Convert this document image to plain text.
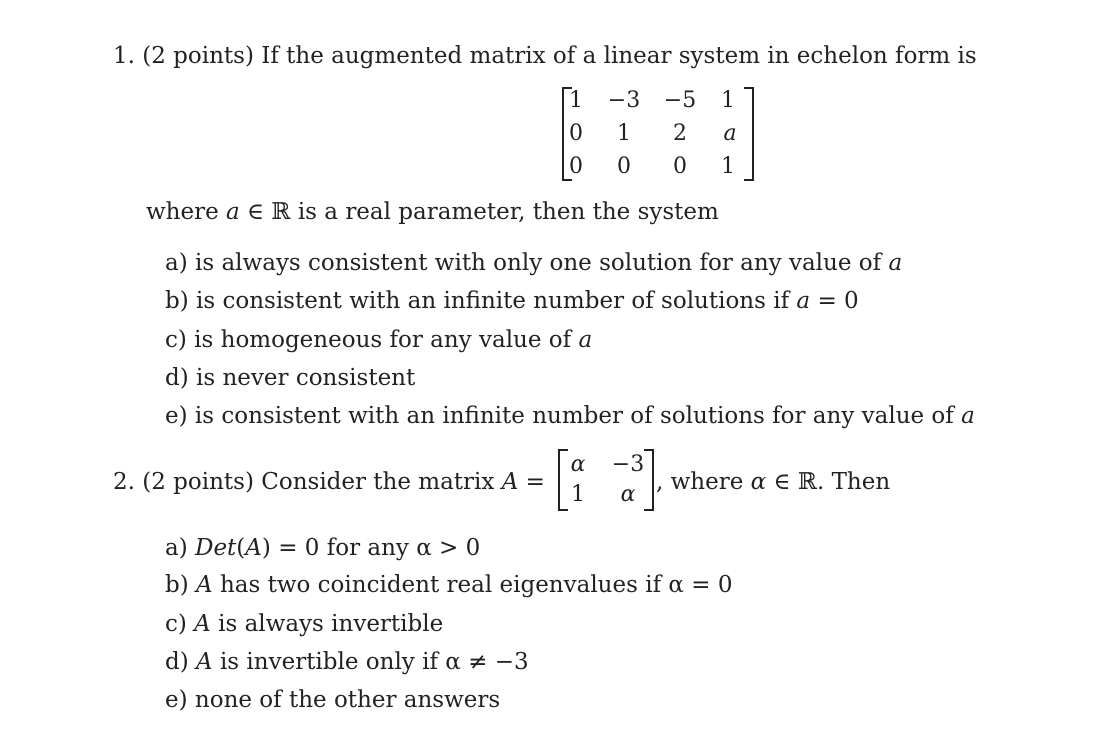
1. (2 points) If the augmented matrix of a linear system in echelon form is
1	−3 −5	1
0	1	2	a
0	0	0	1
where a ∈ ℝ is a real parameter, then the system
a) is always consistent with only one solution for any value of a
b) is consistent with an infinite number of solutions if a = 0
c) is homogeneous for any value of a
d) is never consistent
e) is consistent with an infinite number of solutions for any value of a
2. (2 points) Consider the matrix A =
α	−3
1	α , where α ∈ ℝ. Then
a) Det(A) = 0 for any α > 0
b) A has two coincident real eigenvalues if α = 0
c) A is always invertible
d) A is invertible only if α ≠ −3
e) none of the other answers
